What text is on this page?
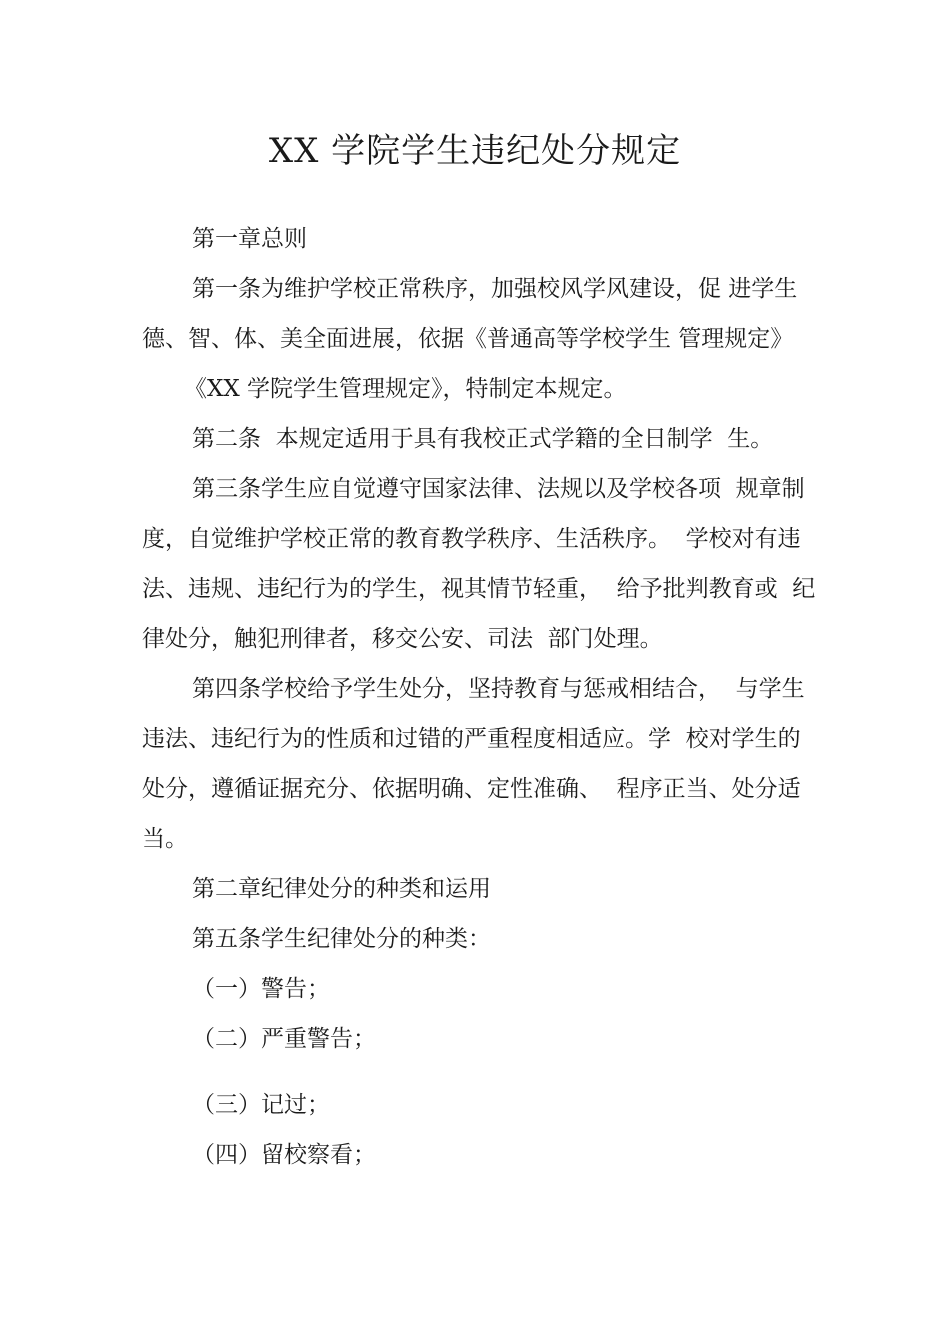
XX 学院学生违纪处分规定

第一章总则

第一条为维护学校正常秩序，加强校风学风建设，促 进学生德、智、体、美全面进展，依据《普通高等学校学生 管理规定》

《XX 学院学生管理规定》，特制定本规定。

第二条  本规定适用于具有我校正式学籍的全日制学  生。

第三条学生应自觉遵守国家法律、法规以及学校各项  规章制度，自觉维护学校正常的教育教学秩序、生活秩序。  学校对有违法、违规、违纪行为的学生，视其情节轻重，  给予批判教育或  纪律处分，触犯刑律者，移交公安、司法  部门处理。

第四条学校给予学生处分，坚持教育与惩戒相结合，  与学生违法、违纪行为的性质和过错的严重程度相适应。学  校对学生的处分，遵循证据充分、依据明确、定性准确、  程序正当、处分适当。

第二章纪律处分的种类和运用

第五条学生纪律处分的种类：

（一）警告；

（二）严重警告；

（三）记过；

（四）留校察看；
